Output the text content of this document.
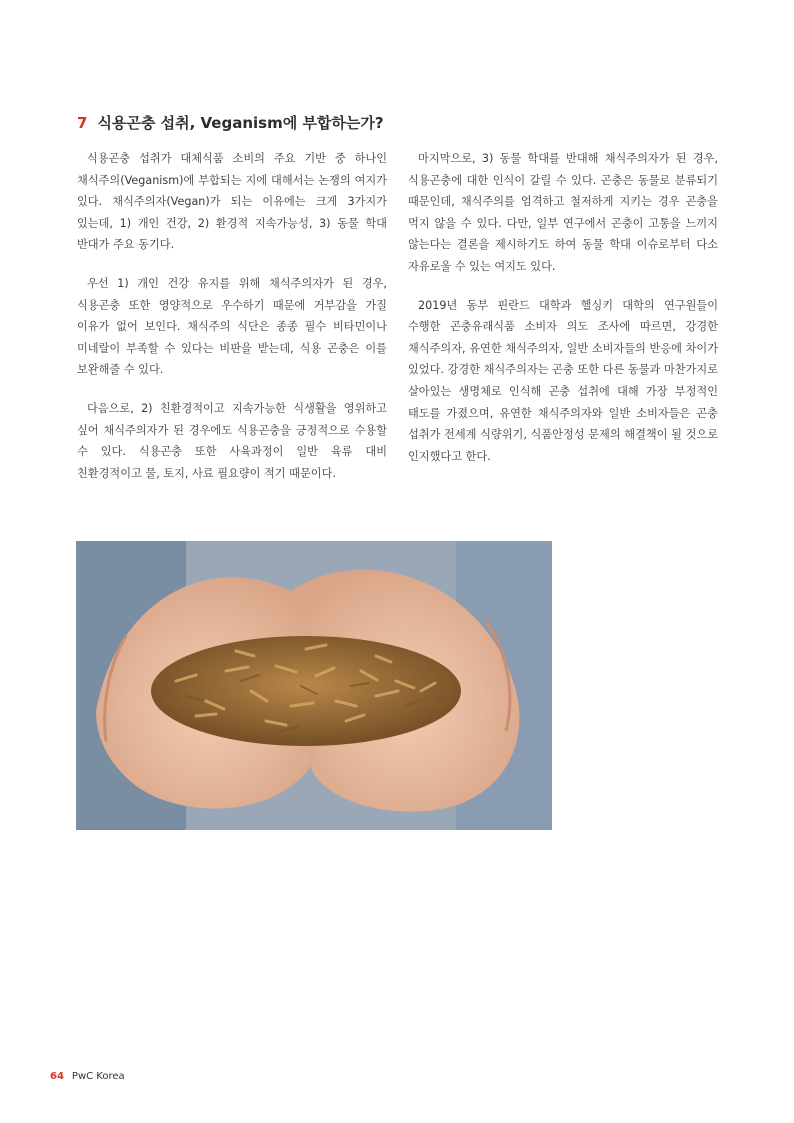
7 식용곤충 섭취, Veganism에 부합하는가?

식용곤충 섭취가 대체식품 소비의 주요 기반 중 하나인 채식주의(Veganism)에 부합되는 지에 대해서는 논쟁의 여지가 있다. 채식주의자(Vegan)가 되는 이유에는 크게 3가지가 있는데, 1) 개인 건강, 2) 환경적 지속가능성, 3) 동물 학대 반대가 주요 동기다.

우선 1) 개인 건강 유지를 위해 채식주의자가 된 경우, 식용곤충 또한 영양적으로 우수하기 때문에 거부감을 가질 이유가 없어 보인다. 채식주의 식단은 종종 필수 비타민이나 미네랄이 부족할 수 있다는 비판을 받는데, 식용 곤충은 이를 보완해줄 수 있다.

다음으로, 2) 친환경적이고 지속가능한 식생활을 영위하고 싶어 채식주의자가 된 경우에도 식용곤충을 긍정적으로 수용할 수 있다. 식용곤충 또한 사육과정이 일반 육류 대비 친환경적이고 물, 토지, 사료 필요량이 적기 때문이다.

마지막으로, 3) 동물 학대를 반대해 채식주의자가 된 경우, 식용곤충에 대한 인식이 갈릴 수 있다. 곤충은 동물로 분류되기 때문인데, 채식주의를 엄격하고 철저하게 지키는 경우 곤충을 먹지 않을 수 있다. 다만, 일부 연구에서 곤충이 고통을 느끼지 않는다는 결론을 제시하기도 하여 동물 학대 이슈로부터 다소 자유로울 수 있는 여지도 있다.

2019년 동부 핀란드 대학과 헬싱키 대학의 연구원들이 수행한 곤충유래식품 소비자 의도 조사에 따르면, 강경한 채식주의자, 유연한 채식주의자, 일반 소비자들의 반응에 차이가 있었다. 강경한 채식주의자는 곤충 또한 다른 동물과 마찬가지로 살아있는 생명체로 인식해 곤충 섭취에 대해 가장 부정적인 태도를 가졌으며, 유연한 채식주의자와 일반 소비자들은 곤충 섭취가 전세계 식량위기, 식품안정성 문제의 해결책이 될 것으로 인지했다고 한다.

64 PwC Korea
